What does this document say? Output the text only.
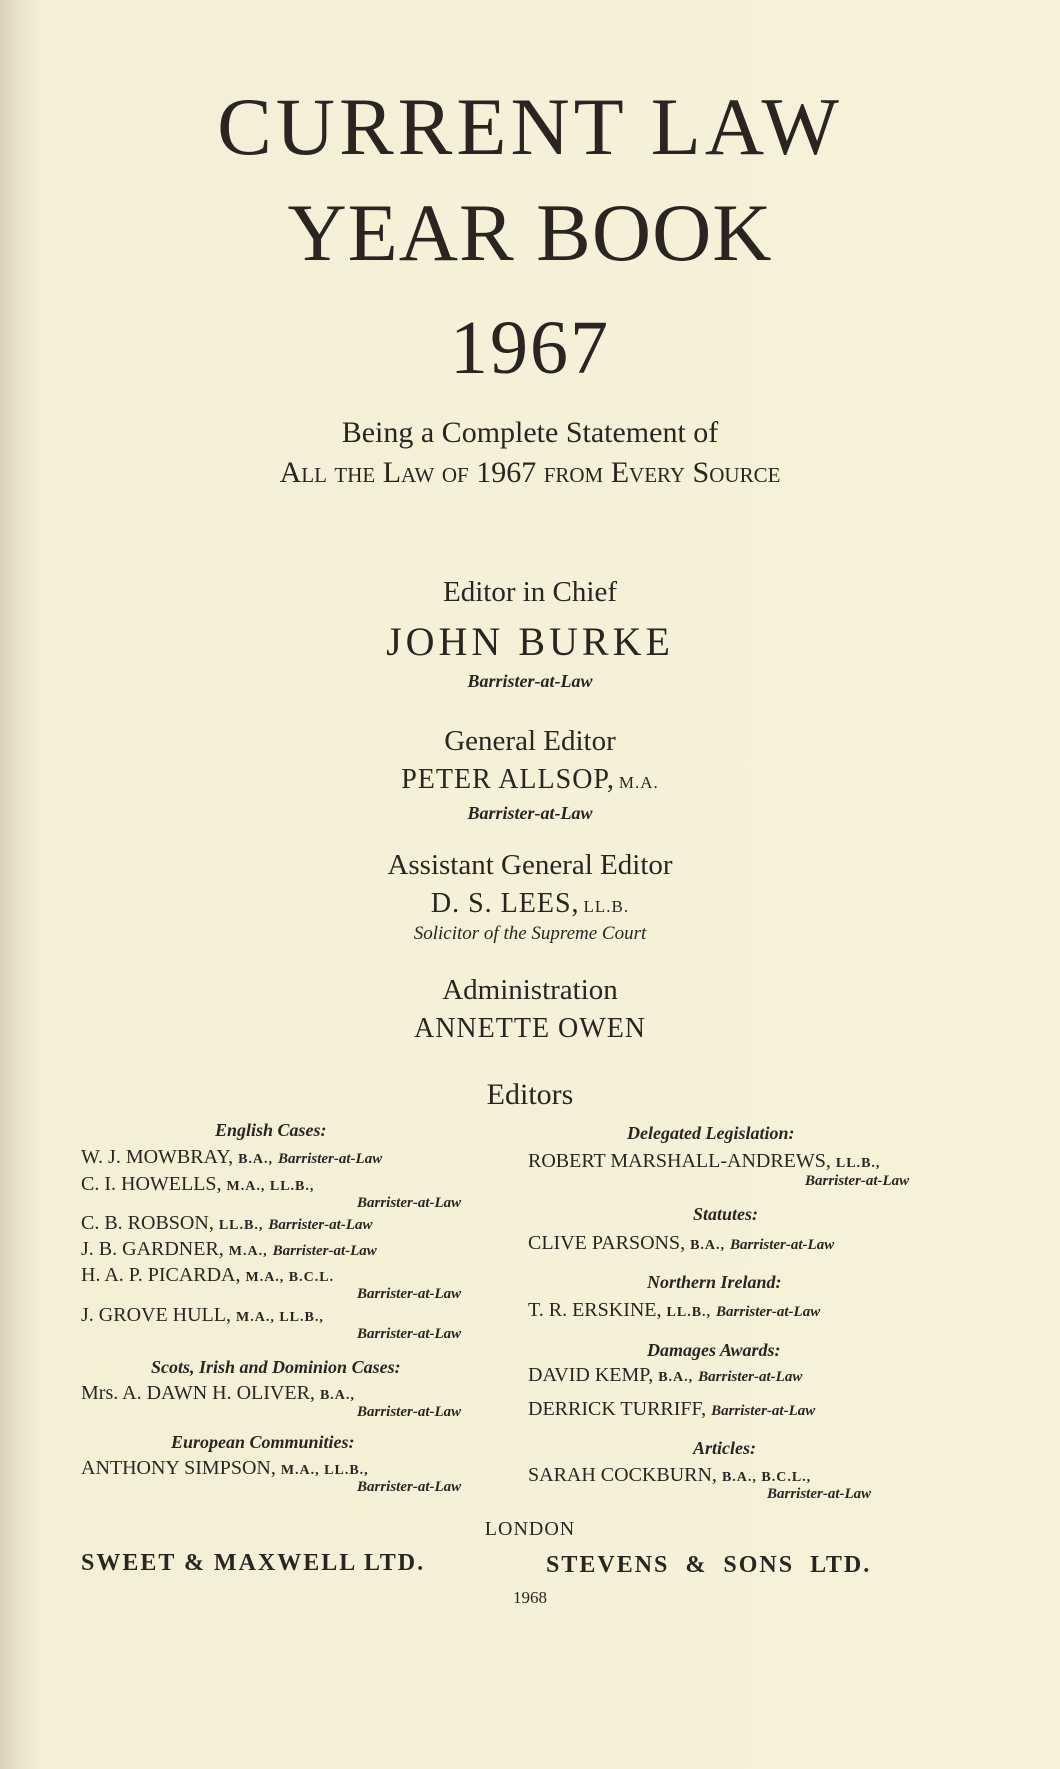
CURRENT LAW
YEAR BOOK
1967
Being a Complete Statement of
All the Law of 1967 from Every Source
Editor in Chief
JOHN BURKE
Barrister-at-Law
General Editor
PETER ALLSOP, M.A.
Barrister-at-Law
Assistant General Editor
D. S. LEES, LL.B.
Solicitor of the Supreme Court
Administration
ANNETTE OWEN
Editors
English Cases:
W. J. MOWBRAY, B.A., Barrister-at-Law
C. I. HOWELLS, M.A., LL.B.,
Barrister-at-Law
C. B. ROBSON, LL.B., Barrister-at-Law
J. B. GARDNER, M.A., Barrister-at-Law
H. A. P. PICARDA, M.A., B.C.L.
Barrister-at-Law
J. GROVE HULL, M.A., LL.B.,
Barrister-at-Law
Scots, Irish and Dominion Cases:
Mrs. A. DAWN H. OLIVER, B.A.,
Barrister-at-Law
European Communities:
ANTHONY SIMPSON, M.A., LL.B.,
Barrister-at-Law
Delegated Legislation:
ROBERT MARSHALL-ANDREWS, LL.B.,
Barrister-at-Law
Statutes:
CLIVE PARSONS, B.A., Barrister-at-Law
Northern Ireland:
T. R. ERSKINE, LL.B., Barrister-at-Law
Damages Awards:
DAVID KEMP, B.A., Barrister-at-Law
DERRICK TURRIFF, Barrister-at-Law
Articles:
SARAH COCKBURN, B.A., B.C.L.,
Barrister-at-Law
LONDON
SWEET & MAXWELL LTD.	STEVENS & SONS LTD.
1968
